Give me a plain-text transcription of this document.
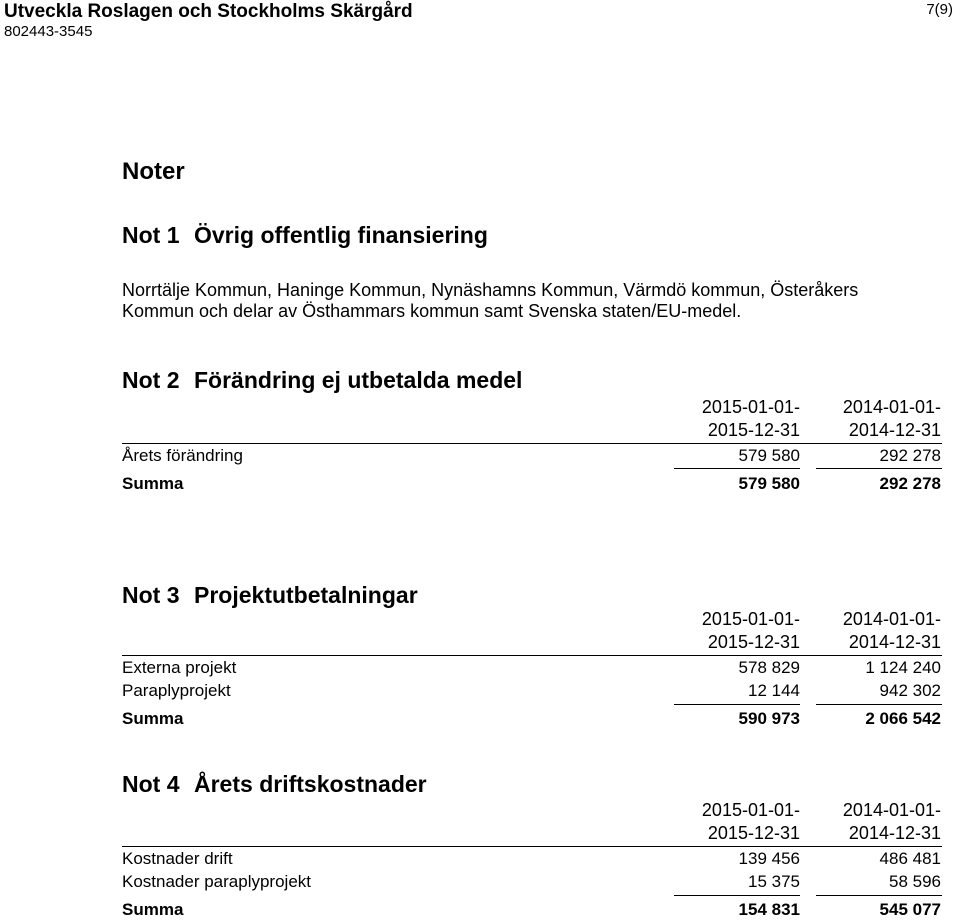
Utveckla Roslagen och Stockholms Skärgård
802443-3545
7(9)
Noter
Not 1 Övrig offentlig finansiering
Norrtälje Kommun, Haninge Kommun, Nynäshamns Kommun, Värmdö kommun, Österåkers
Kommun och delar av Östhammars kommun samt Svenska staten/EU-medel.
Not 2 Förändring ej utbetalda medel
2015-01-01- 2014-01-01-
2015-12-31	2014-12-31
Årets förändring	579 580	292 278
Summa	579 580	292 278
Not 3 Projektutbetalningar
2015-01-01- 2014-01-01-
2015-12-31	2014-12-31
Externa projekt	578 829	1 124 240
Paraplyprojekt	12 144	942 302
Summa	590 973	2 066 542
Not 4 Årets driftskostnader
2015-01-01- 2014-01-01-
2015-12-31	2014-12-31
Kostnader drift	139 456	486 481
Kostnader paraplyprojekt	15 375	58 596
Summa	154 831	545 077
